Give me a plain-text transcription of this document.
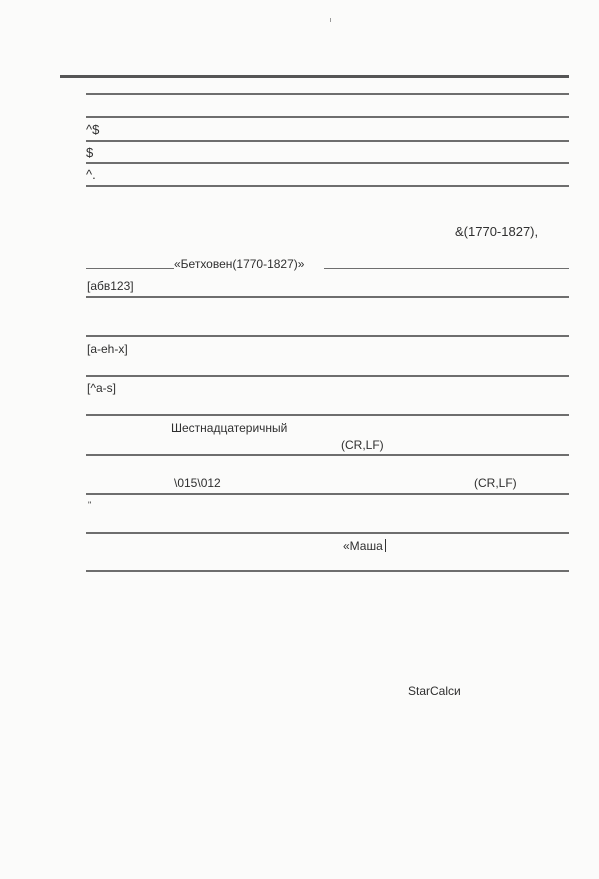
^$
$
^.
&(1770-1827),
«Бетховен(1770-1827)»
[абв123]
[a-eh-x]
[^a-s]
Шестнадцатеричный
(CR,LF)
\015\012	(CR,LF)
"
«Маша
StarCalcи
